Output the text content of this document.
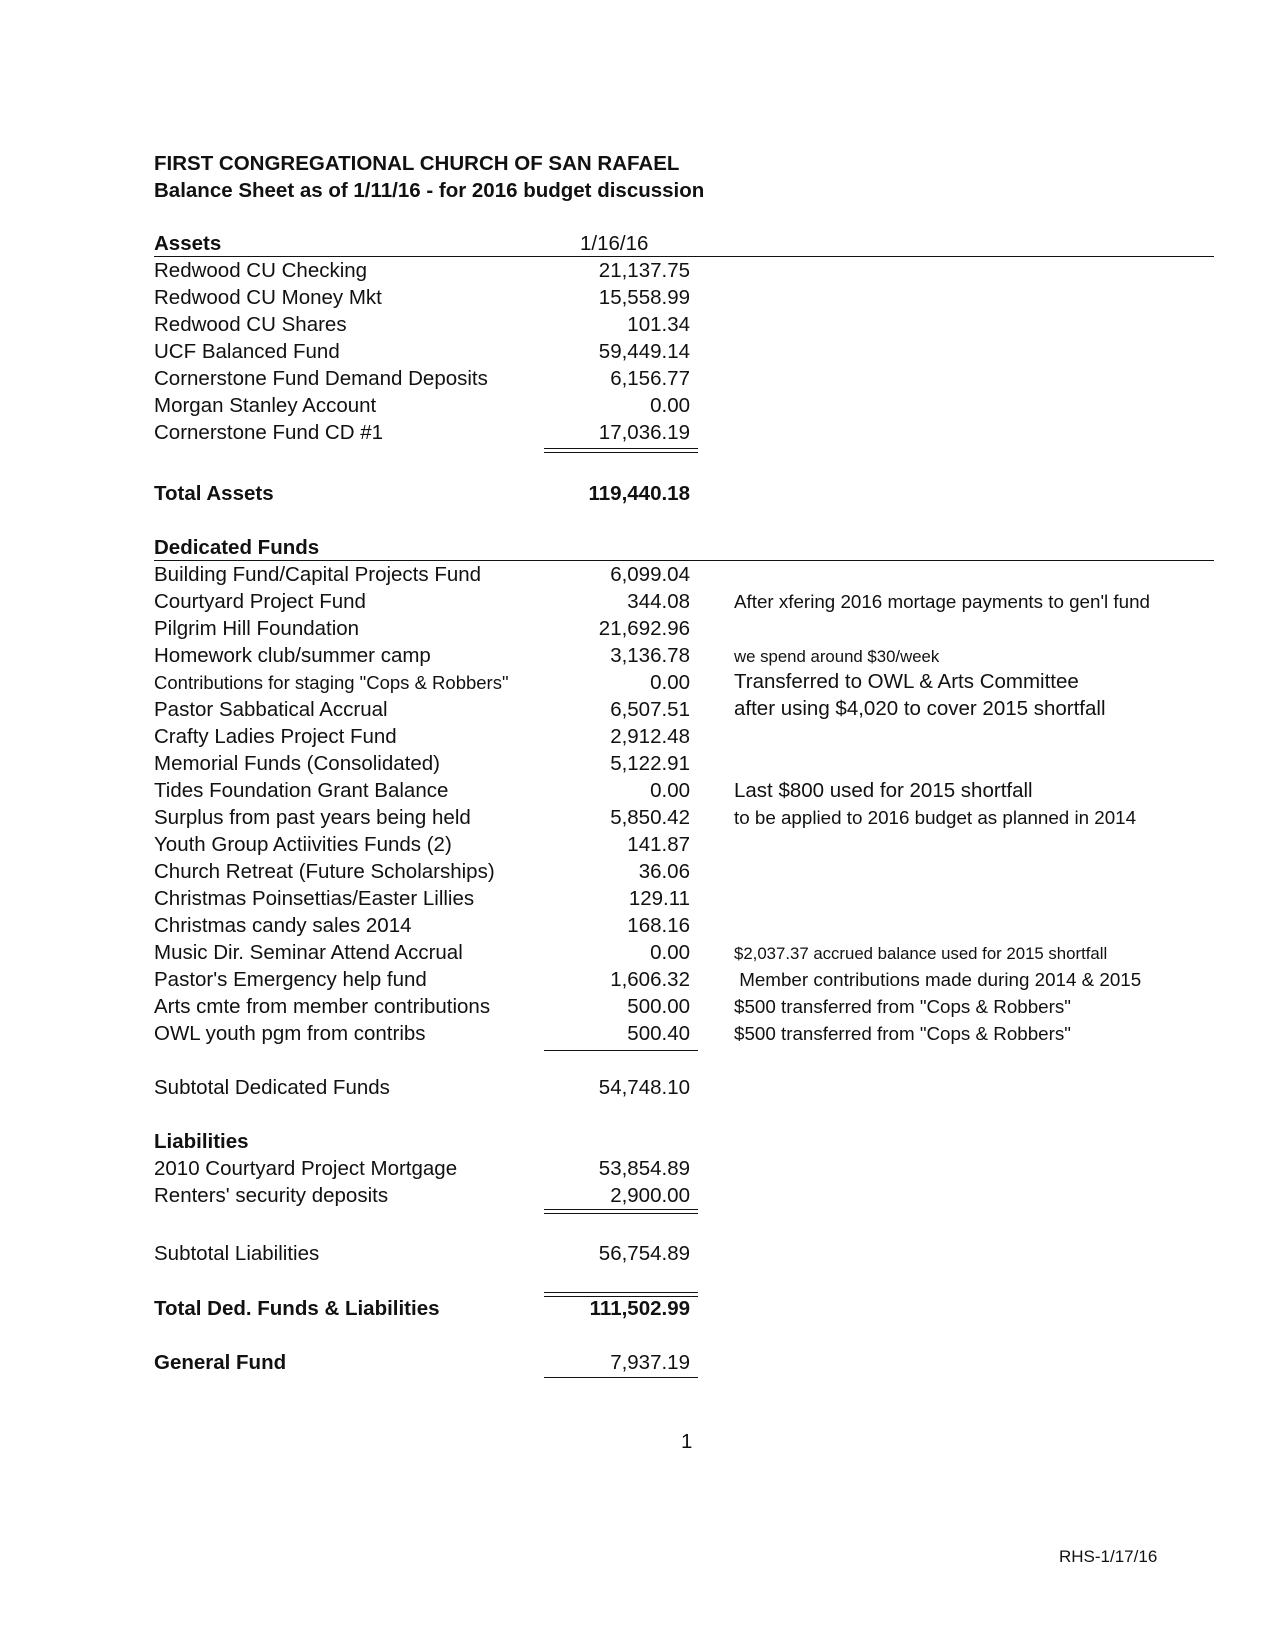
FIRST CONGREGATIONAL CHURCH OF SAN RAFAEL
Balance Sheet as of 1/11/16 - for 2016 budget discussion
Assets	1/16/16
Redwood CU Checking	21,137.75
Redwood CU Money Mkt	15,558.99
Redwood CU Shares	101.34
UCF Balanced Fund	59,449.14
Cornerstone Fund Demand Deposits	6,156.77
Morgan Stanley Account	0.00
Cornerstone Fund CD #1	17,036.19
Total Assets	119,440.18
Dedicated Funds
Building Fund/Capital Projects Fund	6,099.04
Courtyard Project Fund	344.08 After xfering 2016 mortage payments to gen'l fund
Pilgrim Hill Foundation	21,692.96
Homework club/summer camp	3,136.78	we spend around $30/week
Contributions for staging "Cops & Robbers"	0.00 Transferred to OWL & Arts Committee
Pastor Sabbatical Accrual	6,507.51 after using $4,020 to cover 2015 shortfall
Crafty Ladies Project Fund	2,912.48
Memorial Funds (Consolidated)	5,122.91
Tides Foundation Grant Balance	0.00 Last $800 used for 2015 shortfall
Surplus from past years being held	5,850.42 to be applied to 2016 budget as planned in 2014
Youth Group Actiivities Funds (2)	141.87
Church Retreat (Future Scholarships)	36.06
Christmas Poinsettias/Easter Lillies	129.11
Christmas candy sales 2014	168.16
Music Dir. Seminar Attend Accrual	0.00	$2,037.37 accrued balance used for 2015 shortfall
Pastor's Emergency help fund	1,606.32 Member contributions made during 2014 & 2015
Arts cmte from member contributions	500.00 $500 transferred from "Cops & Robbers"
OWL youth pgm from contribs	500.40 $500 transferred from "Cops & Robbers"
Subtotal Dedicated Funds	54,748.10
Liabilities
2010 Courtyard Project Mortgage	53,854.89
Renters' security deposits	2,900.00
Subtotal Liabilities	56,754.89
Total Ded. Funds & Liabilities	111,502.99
General Fund	7,937.19
1
RHS-1/17/16
